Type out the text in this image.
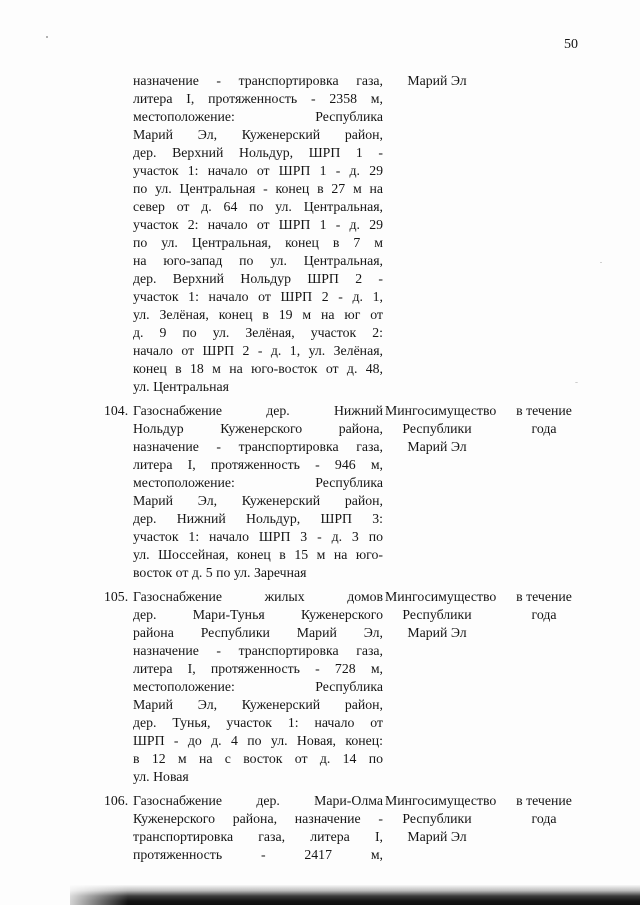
50
назначение - транспортировка газа,
литера I, протяженность - 2358 м,
местоположение: Республика
Марий Эл, Куженерский район,
дер. Верхний Нольдур, ШРП 1 -
участок 1: начало от ШРП 1 - д. 29
по ул. Центральная - конец в 27 м на
север от д. 64 по ул. Центральная,
участок 2: начало от ШРП 1 - д. 29
по ул. Центральная, конец в 7 м
на юго-запад по ул. Центральная,
дер. Верхний Нольдур ШРП 2 -
участок 1: начало от ШРП 2 - д. 1,
ул. Зелёная, конец в 19 м на юг от
д. 9 по ул. Зелёная, участок 2:
начало от ШРП 2 - д. 1, ул. Зелёная,
конец в 18 м на юго-восток от д. 48,
ул. Центральная
Марий Эл
104. Газоснабжение дер. Нижний
Нольдур Куженерского района,
назначение - транспортировка газа,
литера I, протяженность - 946 м,
местоположение: Республика
Марий Эл, Куженерский район,
дер. Нижний Нольдур, ШРП 3:
участок 1: начало ШРП 3 - д. 3 по
ул. Шоссейная, конец в 15 м на юго-
восток от д. 5 по ул. Заречная
Мингосимущество
Республики
Марий Эл
в течение
года
105. Газоснабжение жилых домов
дер. Мари-Тунья Куженерского
района Республики Марий Эл,
назначение - транспортировка газа,
литера I, протяженность - 728 м,
местоположение: Республика
Марий Эл, Куженерский район,
дер. Тунья, участок 1: начало от
ШРП - до д. 4 по ул. Новая, конец:
в 12 м на с восток от д. 14 по
ул. Новая
Мингосимущество
Республики
Марий Эл
в течение
года
106. Газоснабжение дер. Мари-Олма
Куженерского района, назначение -
транспортировка газа, литера I,
протяженность - 2417 м,
Мингосимущество
Республики
Марий Эл
в течение
года
